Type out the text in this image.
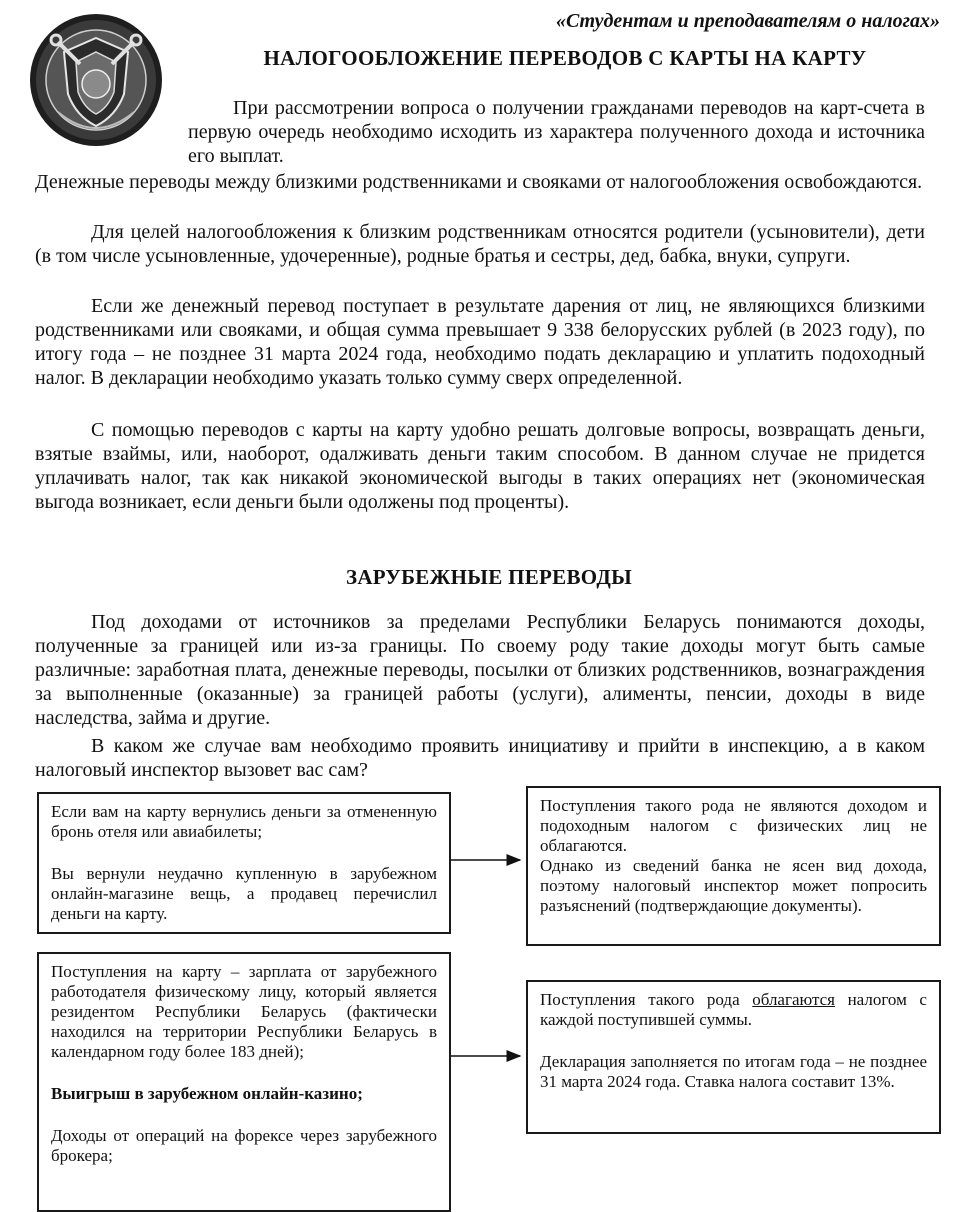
«Студентам и преподавателям о налогах»
НАЛОГООБЛОЖЕНИЕ ПЕРЕВОДОВ С КАРТЫ НА КАРТУ

При рассмотрении вопроса о получении гражданами переводов на карт-счета в первую очередь необходимо исходить из характера полученного дохода и источника его выплат.

Денежные переводы между близкими родственниками и свояками от налогообложения освобождаются.

Для целей налогообложения к близким родственникам относятся родители (усыновители), дети (в том числе усыновленные, удочеренные), родные братья и сестры, дед, бабка, внуки, супруги.

Если же денежный перевод поступает в результате дарения от лиц, не являющихся близкими родственниками или свояками, и общая сумма превышает 9 338 белорусских рублей (в 2023 году), по итогу года – не позднее 31 марта 2024 года, необходимо подать декларацию и уплатить подоходный налог. В декларации необходимо указать только сумму сверх определенной.

С помощью переводов с карты на карту удобно решать долговые вопросы, возвращать деньги, взятые взаймы, или, наоборот, одалживать деньги таким способом. В данном случае не придется уплачивать налог, так как никакой экономической выгоды в таких операциях нет (экономическая выгода возникает, если деньги были одолжены под проценты).

ЗАРУБЕЖНЫЕ ПЕРЕВОДЫ

Под доходами от источников за пределами Республики Беларусь понимаются доходы, полученные за границей или из-за границы. По своему роду такие доходы могут быть самые различные: заработная плата, денежные переводы, посылки от близких родственников, вознаграждения за выполненные (оказанные) за границей работы (услуги), алименты, пенсии, доходы в виде наследства, займа и другие.

В каком же случае вам необходимо проявить инициативу и прийти в инспекцию, а в каком налоговый инспектор вызовет вас сам?

Если вам на карту вернулись деньги за отмененную бронь отеля или авиабилеты;

Вы вернули неудачно купленную в зарубежном онлайн-магазине вещь, а продавец перечислил деньги на карту.

Поступления такого рода не являются доходом и подоходным налогом с физических лиц не облагаются.

Однако из сведений банка не ясен вид дохода, поэтому налоговый инспектор может попросить разъяснений (подтверждающие документы).

Поступления на карту – зарплата от зарубежного работодателя физическому лицу, который является резидентом Республики Беларусь (фактически находился на территории Республики Беларусь в календарном году более 183 дней);

Выигрыш в зарубежном онлайн-казино;

Доходы от операций на форексе через зарубежного брокера;

Поступления такого рода облагаются налогом с каждой поступившей суммы.

Декларация заполняется по итогам года – не позднее 31 марта 2024 года. Ставка налога составит 13%.
